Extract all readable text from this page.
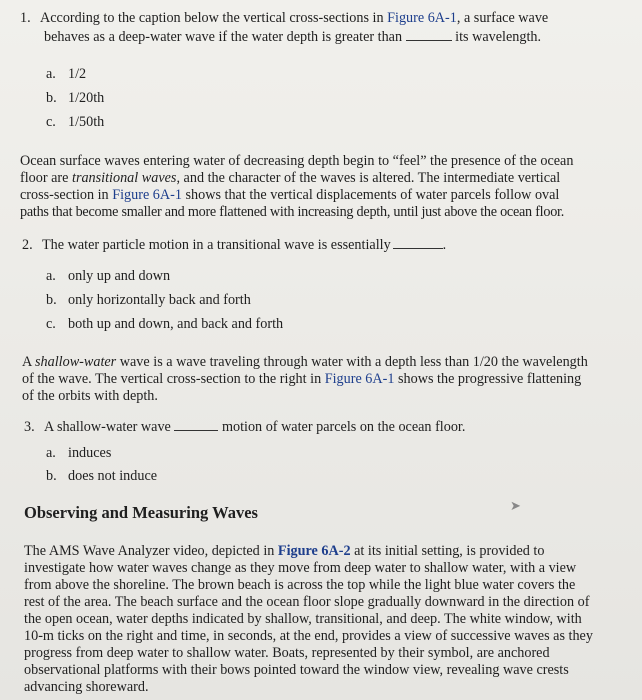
1. According to the caption below the vertical cross-sections in Figure 6A-1, a surface wave
behaves as a deep-water wave if the water depth is greater than	its wavelength.
a. 1/2
b. 1/20th
c. 1/50th
Ocean surface waves entering water of decreasing depth begin to “feel” the presence of the ocean
floor are transitional waves, and the character of the waves is altered. The intermediate vertical
cross-section in Figure 6A-1 shows that the vertical displacements of water parcels follow oval
paths that become smaller and more flattened with increasing depth, until just above the ocean floor.
2. The water particle motion in a transitional wave is essentially	.
a. only up and down
b. only horizontally back and forth
c. both up and down, and back and forth
A shallow-water wave is a wave traveling through water with a depth less than 1/20 the wavelength
of the wave. The vertical cross-section to the right in Figure 6A-1 shows the progressive flattening
of the orbits with depth.
3. A shallow-water wave	motion of water parcels on the ocean floor.
a. induces
b. does not induce
Observing and Measuring Waves	➤
The AMS Wave Analyzer video, depicted in Figure 6A-2 at its initial setting, is provided to
investigate how water waves change as they move from deep water to shallow water, with a view
from above the shoreline. The brown beach is across the top while the light blue water covers the
rest of the area. The beach surface and the ocean floor slope gradually downward in the direction of
the open ocean, water depths indicated by shallow, transitional, and deep. The white window, with
10-m ticks on the right and time, in seconds, at the end, provides a view of successive waves as they
progress from deep water to shallow water. Boats, represented by their symbol, are anchored
observational platforms with their bows pointed toward the window view, revealing wave crests
advancing shoreward.
